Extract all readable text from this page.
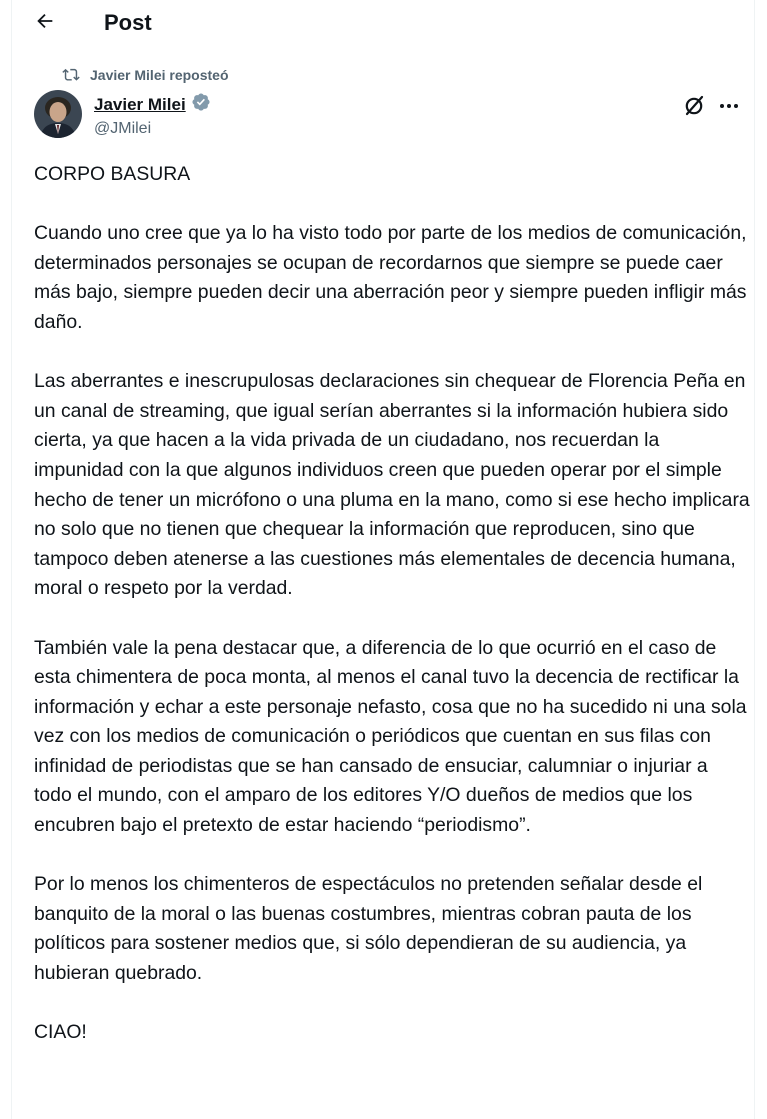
Post
Javier Milei reposteó
Javier Milei
@JMilei

CORPO BASURA

Cuando uno cree que ya lo ha visto todo por parte de los medios de comunicación, determinados personajes se ocupan de recordarnos que siempre se puede caer más bajo, siempre pueden decir una aberración peor y siempre pueden infligir más daño.

Las aberrantes e inescrupulosas declaraciones sin chequear de Florencia Peña en un canal de streaming, que igual serían aberrantes si la información hubiera sido cierta, ya que hacen a la vida privada de un ciudadano, nos recuerdan la impunidad con la que algunos individuos creen que pueden operar por el simple hecho de tener un micrófono o una pluma en la mano, como si ese hecho implicara no solo que no tienen que chequear la información que reproducen, sino que tampoco deben atenerse a las cuestiones más elementales de decencia humana, moral o respeto por la verdad.

También vale la pena destacar que, a diferencia de lo que ocurrió en el caso de esta chimentera de poca monta, al menos el canal tuvo la decencia de rectificar la información y echar a este personaje nefasto, cosa que no ha sucedido ni una sola vez con los medios de comunicación o periódicos que cuentan en sus filas con infinidad de periodistas que se han cansado de ensuciar, calumniar o injuriar a todo el mundo, con el amparo de los editores Y/O dueños de medios que los encubren bajo el pretexto de estar haciendo “periodismo”.

Por lo menos los chimenteros de espectáculos no pretenden señalar desde el banquito de la moral o las buenas costumbres, mientras cobran pauta de los políticos para sostener medios que, si sólo dependieran de su audiencia, ya hubieran quebrado.

CIAO!
